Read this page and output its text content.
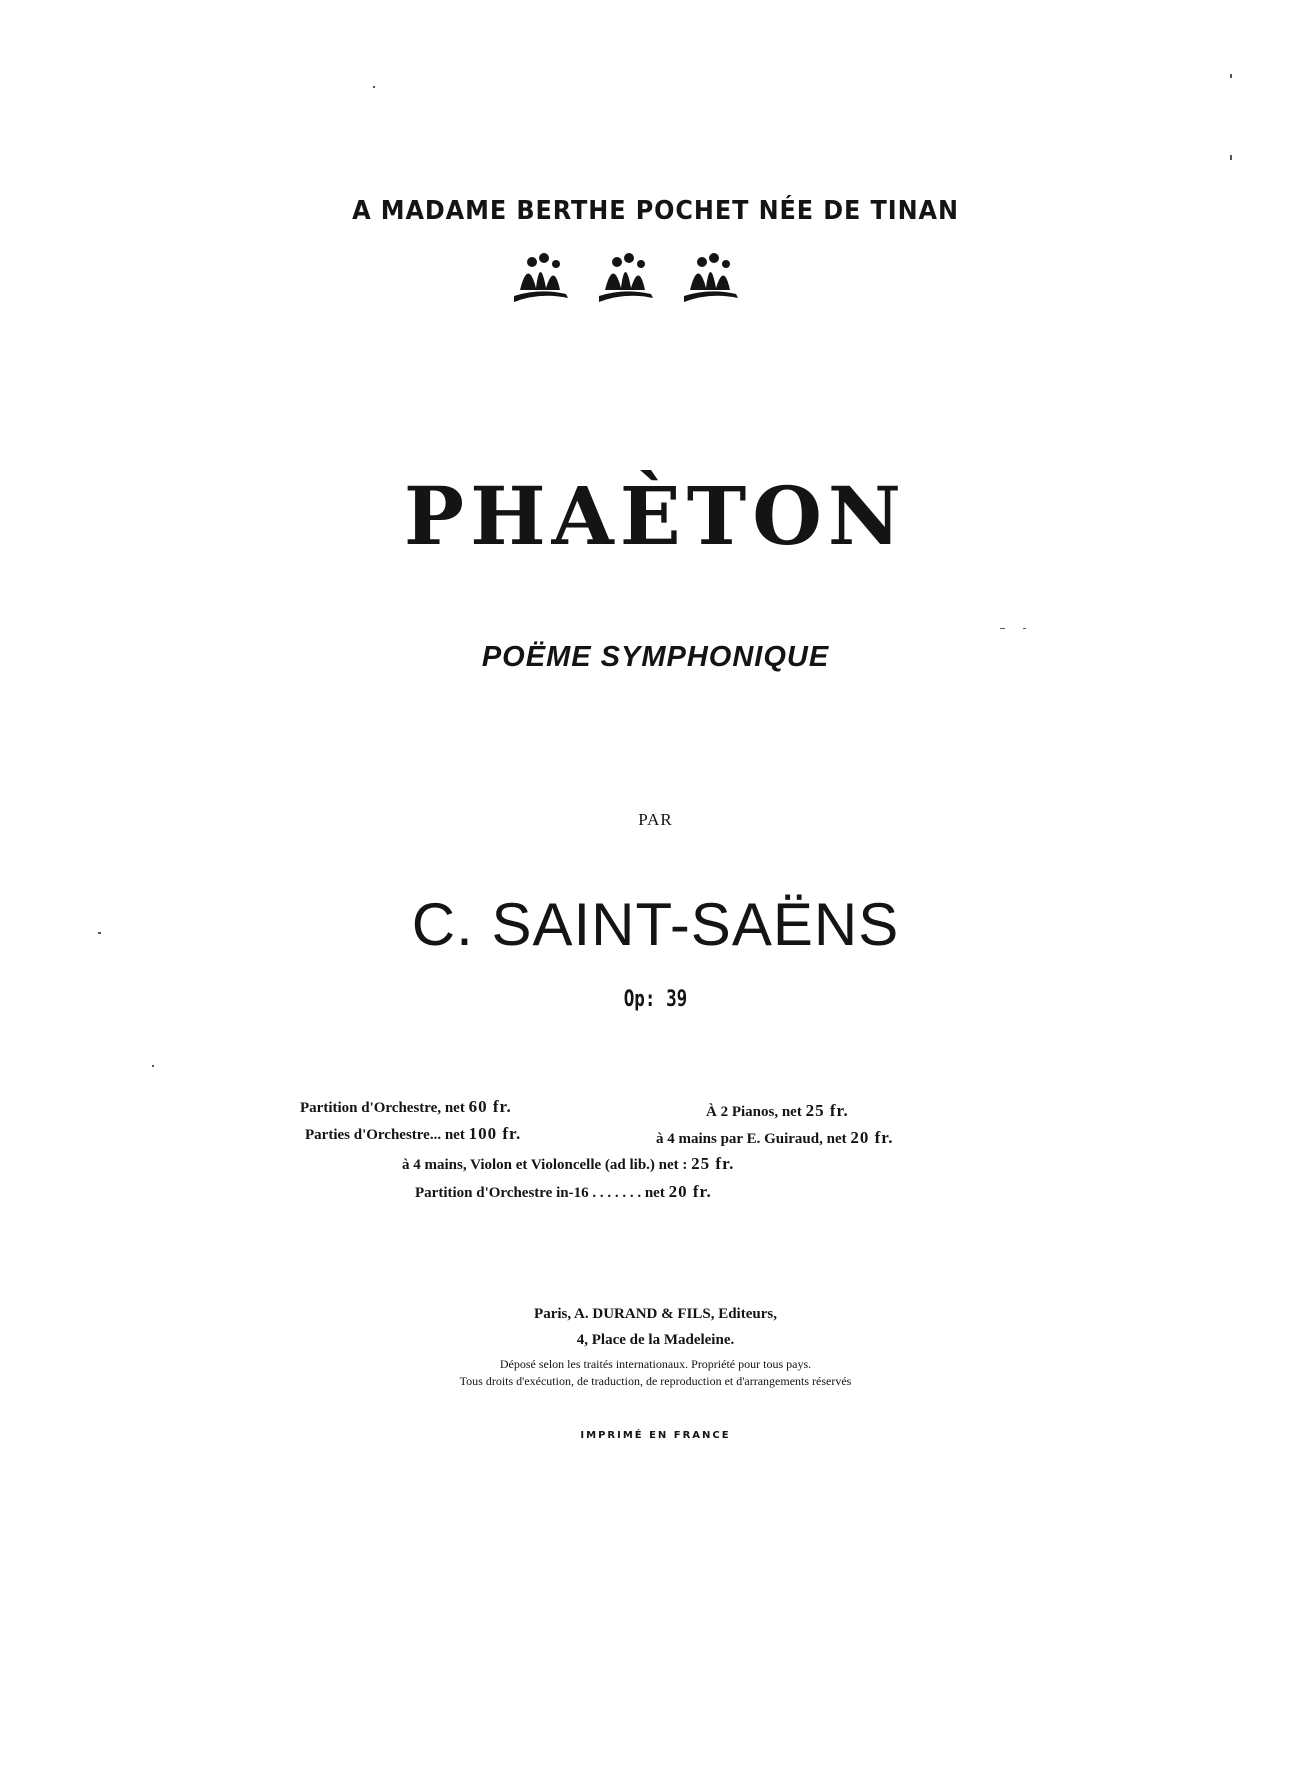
A MADAME BERTHE POCHET NÉE DE TINAN
PHAÈTON
POËME SYMPHONIQUE
PAR
C. SAINT-SAËNS
Op: 39
Partition d'Orchestre, net 60 fr.	À 2 Pianos, net 25 fr.
Parties d'Orchestre... net 100 fr.	à 4 mains par E. Guiraud, net 20 fr.
à 4 mains, Violon et Violoncelle (ad lib.) net : 25 fr.
Partition d'Orchestre in-16 . . . . . . . net 20 fr.
Paris, A. DURAND & FILS, Editeurs,
4, Place de la Madeleine.
Déposé selon les traités internationaux. Propriété pour tous pays.
Tous droits d'exécution, de traduction, de reproduction et d'arrangements réservés
IMPRIMÉ EN FRANCE
